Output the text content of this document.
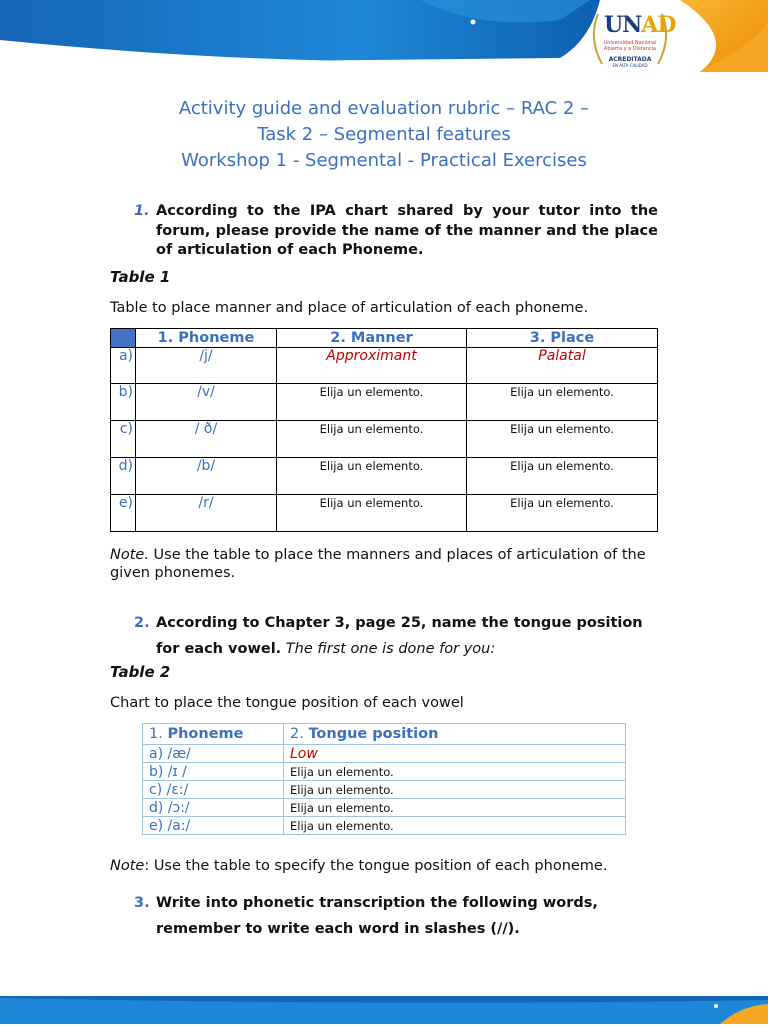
UNAD
Universidad Nacional Abierta y a Distancia
ACREDITADA
EN ALTA CALIDAD
Activity guide and evaluation rubric – RAC 2 –
Task 2 – Segmental features
Workshop 1 - Segmental - Practical Exercises
1. According to the IPA chart shared by your tutor into the forum, please provide the name of the manner and the place of articulation of each Phoneme.
Table 1
Table to place manner and place of articulation of each phoneme.
	1. Phoneme	2. Manner	3. Place
a)	/j/	Approximant	Palatal
b)	/v/	Elija un elemento.	Elija un elemento.
c)	/ ð/	Elija un elemento.	Elija un elemento.
d)	/b/	Elija un elemento.	Elija un elemento.
e)	/r/	Elija un elemento.	Elija un elemento.
Note. Use the table to place the manners and places of articulation of the given phonemes.
2. According to Chapter 3, page 25, name the tongue position for each vowel. The first one is done for you:
Table 2
Chart to place the tongue position of each vowel
1. Phoneme	2. Tongue position
a) /æ/	Low
b) /ɪ /	Elija un elemento.
c) /ɛ:/	Elija un elemento.
d) /ɔ:/	Elija un elemento.
e) /a:/	Elija un elemento.
Note: Use the table to specify the tongue position of each phoneme.
3. Write into phonetic transcription the following words, remember to write each word in slashes (//).
